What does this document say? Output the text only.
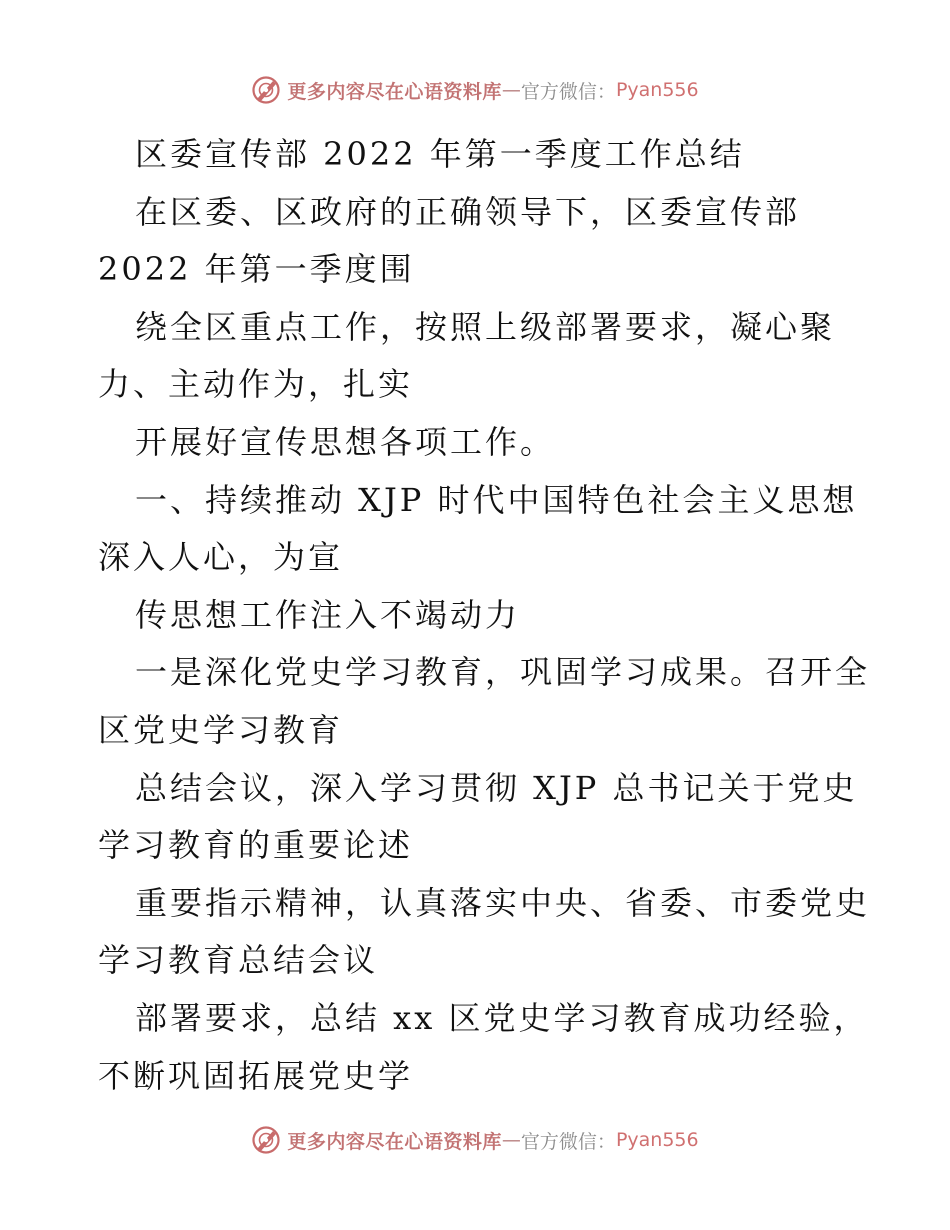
更多内容尽在心语资料库 — 官方微信： Pyan556
区委宣传部 2022 年第一季度工作总结
在区委、区政府的正确领导下，区委宣传部
2022 年第一季度围
绕全区重点工作，按照上级部署要求，凝心聚
力、主动作为，扎实
开展好宣传思想各项工作。
一、持续推动 XJP 时代中国特色社会主义思想
深入人心，为宣
传思想工作注入不竭动力
一是深化党史学习教育，巩固学习成果。召开全
区党史学习教育
总结会议，深入学习贯彻 XJP 总书记关于党史
学习教育的重要论述
重要指示精神，认真落实中央、省委、市委党史
学习教育总结会议
部署要求，总结 xx 区党史学习教育成功经验，
不断巩固拓展党史学
更多内容尽在心语资料库 — 官方微信： Pyan556
